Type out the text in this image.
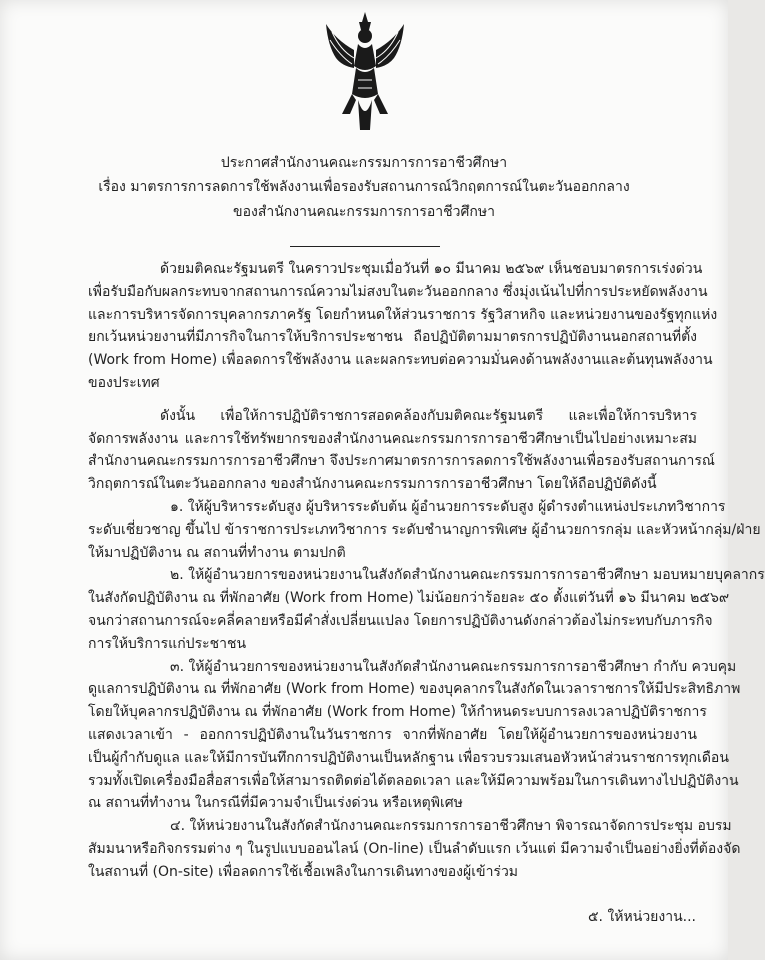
ประกาศสำนักงานคณะกรรมการการอาชีวศึกษา
เรื่อง มาตรการการลดการใช้พลังงานเพื่อรองรับสถานการณ์วิกฤตการณ์ในตะวันออกกลาง
ของสำนักงานคณะกรรมการการอาชีวศึกษา
ด้วยมติคณะรัฐมนตรี ในคราวประชุมเมื่อวันที่ ๑๐ มีนาคม ๒๕๖๙ เห็นชอบมาตรการเร่งด่วน
เพื่อรับมือกับผลกระทบจากสถานการณ์ความไม่สงบในตะวันออกกลาง ซึ่งมุ่งเน้นไปที่การประหยัดพลังงาน
และการบริหารจัดการบุคลากรภาครัฐ โดยกำหนดให้ส่วนราชการ รัฐวิสาหกิจ และหน่วยงานของรัฐทุกแห่ง
ยกเว้นหน่วยงานที่มีภารกิจในการให้บริการประชาชน ถือปฏิบัติตามมาตรการปฏิบัติงานนอกสถานที่ตั้ง
(Work from Home) เพื่อลดการใช้พลังงาน และผลกระทบต่อความมั่นคงด้านพลังงานและต้นทุนพลังงาน
ของประเทศ
ดังนั้น เพื่อให้การปฏิบัติราชการสอดคล้องกับมติคณะรัฐมนตรี และเพื่อให้การบริหาร
จัดการพลังงาน และการใช้ทรัพยากรของสำนักงานคณะกรรมการการอาชีวศึกษาเป็นไปอย่างเหมาะสม
สำนักงานคณะกรรมการการอาชีวศึกษา จึงประกาศมาตรการการลดการใช้พลังงานเพื่อรองรับสถานการณ์
วิกฤตการณ์ในตะวันออกกลาง ของสำนักงานคณะกรรมการการอาชีวศึกษา โดยให้ถือปฏิบัติดังนี้
๑. ให้ผู้บริหารระดับสูง ผู้บริหารระดับต้น ผู้อำนวยการระดับสูง ผู้ดำรงตำแหน่งประเภทวิชาการ
ระดับเชี่ยวชาญ ขึ้นไป ข้าราชการประเภทวิชาการ ระดับชำนาญการพิเศษ ผู้อำนวยการกลุ่ม และหัวหน้ากลุ่ม/ฝ่าย
ให้มาปฏิบัติงาน ณ สถานที่ทำงาน ตามปกติ
๒. ให้ผู้อำนวยการของหน่วยงานในสังกัดสำนักงานคณะกรรมการการอาชีวศึกษา มอบหมายบุคลากร
ในสังกัดปฏิบัติงาน ณ ที่พักอาศัย (Work from Home) ไม่น้อยกว่าร้อยละ ๕๐ ตั้งแต่วันที่ ๑๖ มีนาคม ๒๕๖๙
จนกว่าสถานการณ์จะคลี่คลายหรือมีคำสั่งเปลี่ยนแปลง โดยการปฏิบัติงานดังกล่าวต้องไม่กระทบกับภารกิจ
การให้บริการแก่ประชาชน
๓. ให้ผู้อำนวยการของหน่วยงานในสังกัดสำนักงานคณะกรรมการการอาชีวศึกษา กำกับ ควบคุม
ดูแลการปฏิบัติงาน ณ ที่พักอาศัย (Work from Home) ของบุคลากรในสังกัดในเวลาราชการให้มีประสิทธิภาพ
โดยให้บุคลากรปฏิบัติงาน ณ ที่พักอาศัย (Work from Home) ให้กำหนดระบบการลงเวลาปฏิบัติราชการ
แสดงเวลาเข้า - ออกการปฏิบัติงานในวันราชการ จากที่พักอาศัย โดยให้ผู้อำนวยการของหน่วยงาน
เป็นผู้กำกับดูแล และให้มีการบันทึกการปฏิบัติงานเป็นหลักฐาน เพื่อรวบรวมเสนอหัวหน้าส่วนราชการทุกเดือน
รวมทั้งเปิดเครื่องมือสื่อสารเพื่อให้สามารถติดต่อได้ตลอดเวลา และให้มีความพร้อมในการเดินทางไปปฏิบัติงาน
ณ สถานที่ทำงาน ในกรณีที่มีความจำเป็นเร่งด่วน หรือเหตุพิเศษ
๔. ให้หน่วยงานในสังกัดสำนักงานคณะกรรมการการอาชีวศึกษา พิจารณาจัดการประชุม อบรม
สัมมนาหรือกิจกรรมต่าง ๆ ในรูปแบบออนไลน์ (On-line) เป็นลำดับแรก เว้นแต่ มีความจำเป็นอย่างยิ่งที่ต้องจัด
ในสถานที่ (On-site) เพื่อลดการใช้เชื้อเพลิงในการเดินทางของผู้เข้าร่วม
๕. ให้หน่วยงาน...
